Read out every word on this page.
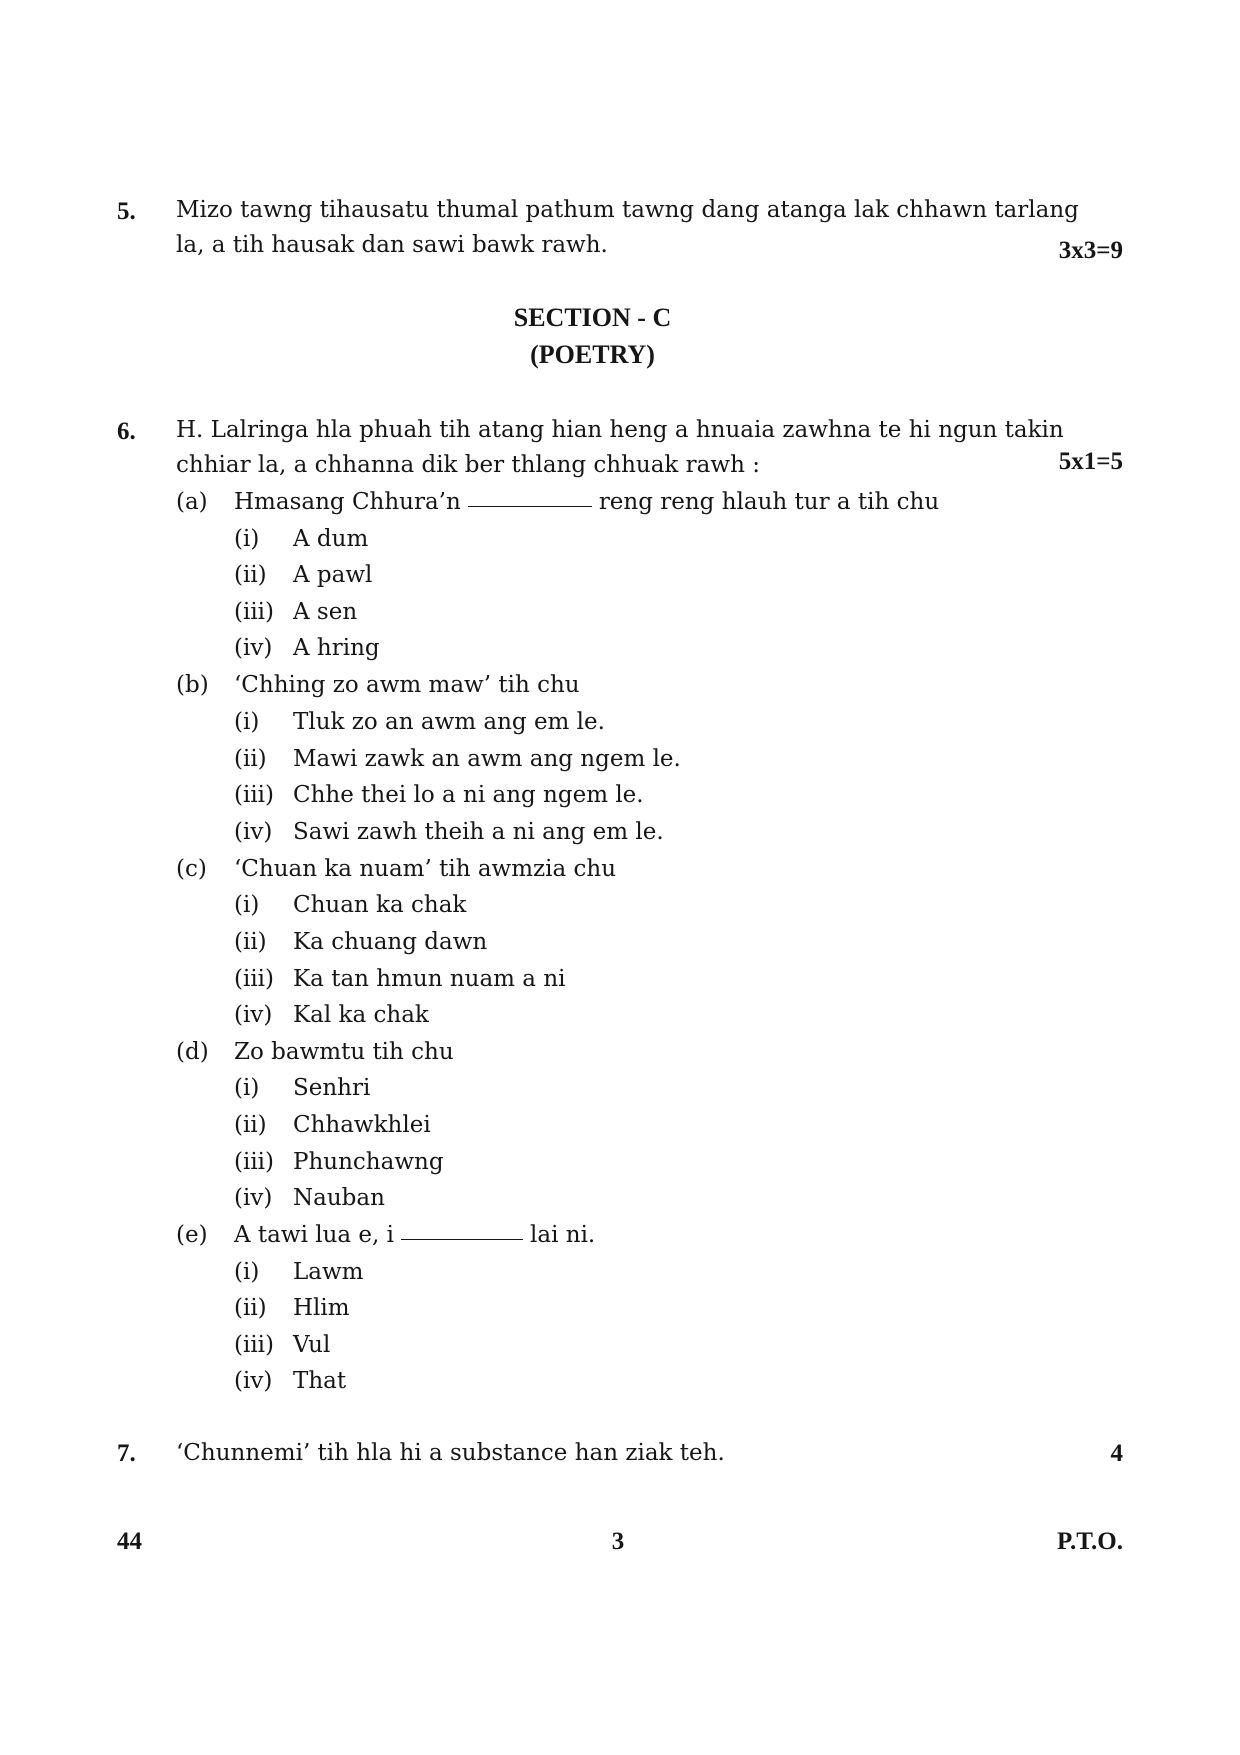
5. Mizo tawng tihausatu thumal pathum tawng dang atanga lak chhawn tarlang
la, a tih hausak dan sawi bawk rawh.	3x3=9
SECTION - C
(POETRY)
6. H. Lalringa hla phuah tih atang hian heng a hnuaia zawhna te hi ngun takin
chhiar la, a chhanna dik ber thlang chhuak rawh :	5x1=5
(a) Hmasang Chhura’n	reng reng hlauh tur a tih chu
(i) A dum
(ii) A pawl
(iii) A sen
(iv) A hring
(b) ‘Chhing zo awm maw’ tih chu
(i) Tluk zo an awm ang em le.
(ii) Mawi zawk an awm ang ngem le.
(iii) Chhe thei lo a ni ang ngem le.
(iv) Sawi zawh theih a ni ang em le.
(c) ‘Chuan ka nuam’ tih awmzia chu
(i) Chuan ka chak
(ii) Ka chuang dawn
(iii) Ka tan hmun nuam a ni
(iv) Kal ka chak
(d) Zo bawmtu tih chu
(i) Senhri
(ii) Chhawkhlei
(iii) Phunchawng
(iv) Nauban
(e) A tawi lua e, i	lai ni.
(i) Lawm
(ii) Hlim
(iii) Vul
(iv) That
7. ‘Chunnemi’ tih hla hi a substance han ziak teh.	4
44	3	P.T.O.
